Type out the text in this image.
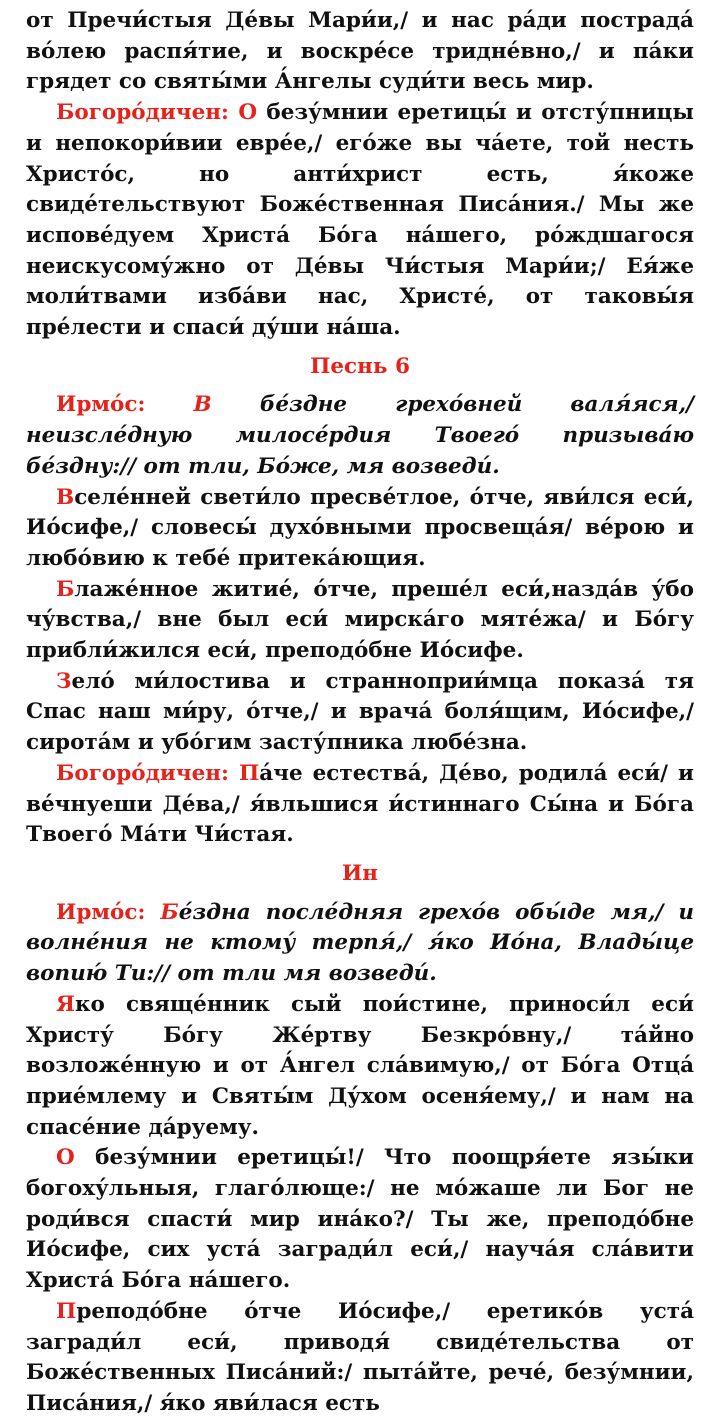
от Пречи́стыя Де́вы Мари́и,/ и нас ра́ди пострада́ во́лею распя́тие, и воскре́се тридне́вно,/ и па́ки грядет со святы́ми А́нгелы суди́ти весь мир.

Богоро́дичен: О безу́мнии еретицы́ и отсту́пницы и непокори́вии евре́е,/ его́же вы ча́ете, той несть Христо́с, но анти́христ есть, я́коже свиде́тельствуют Боже́ственная Писа́ния./ Мы же испове́дуем Христа́ Бо́га на́шего, ро́ждшагося неискусому́жно от Де́вы Чи́стыя Мари́и;/ Ея́же моли́твами изба́ви нас, Христе́, от таковы́я пре́лести и спаси́ ду́ши на́ша.

Песнь 6

Ирмо́с: В бе́здне грехо́вней валя́яся,/ неизсле́дную милосе́рдия Твоего́ призыва́ю бе́здну:// от тли, Бо́же, мя возведи́.

Вселе́нней свети́ло пресве́тлое, о́тче, яви́лся еси́, Ио́сифе,/ словесы́ духо́вными просвеща́я/ ве́рою и любо́вию к тебе́ притека́ющия.

Блаже́нное житие́, о́тче, преше́л еси́,назда́в у́бо чу́вства,/ вне был еси́ мирска́го мяте́жа/ и Бо́гу прибли́жился еси́, преподо́бне Ио́сифе.

Зело́ ми́лостива и странноприи́мца показа́ тя Спас наш ми́ру, о́тче,/ и врача́ боля́щим, Ио́сифе,/ сирота́м и убо́гим засту́пника любе́зна.

Богоро́дичен: Па́че естества́, Де́во, родила́ еси́/ и ве́чнуеши Де́ва,/ я́вльшися и́стиннаго Сы́на и Бо́га Твоего́ Ма́ти Чи́стая.

Ин

Ирмо́с: Бе́здна после́дняя грехо́в обы́де мя,/ и волне́ния не ктому́ терпя́,/ я́ко Ио́на, Влады́це вопию́ Ти:// от тли мя возведи́.

Яко свяще́нник сый пои́стине, приноси́л еси́ Христу́ Бо́гу Же́ртву Безкро́вну,/ та́йно возложе́нную и от А́нгел сла́вимую,/ от Бо́га Отца́ прие́млему и Святы́м Ду́хом осеня́ему,/ и нам на спасе́ние да́руему.

О безу́мнии еретицы́!/ Что поощря́ете язы́ки богоху́льныя, глаго́люще:/ не мо́жаше ли Бог не роди́вся спасти́ мир ина́ко?/ Ты же, преподо́бне Ио́сифе, сих уста́ загради́л еси́,/ науча́я сла́вити Христа́ Бо́га на́шего.

Преподо́бне о́тче Ио́сифе,/ еретико́в уста́ загради́л еси́, приводя́ свиде́тельства от Боже́ственных Писа́ний:/ пыта́йте, рече́, безу́мнии, Писа́ния,/ я́ко яви́лася есть
